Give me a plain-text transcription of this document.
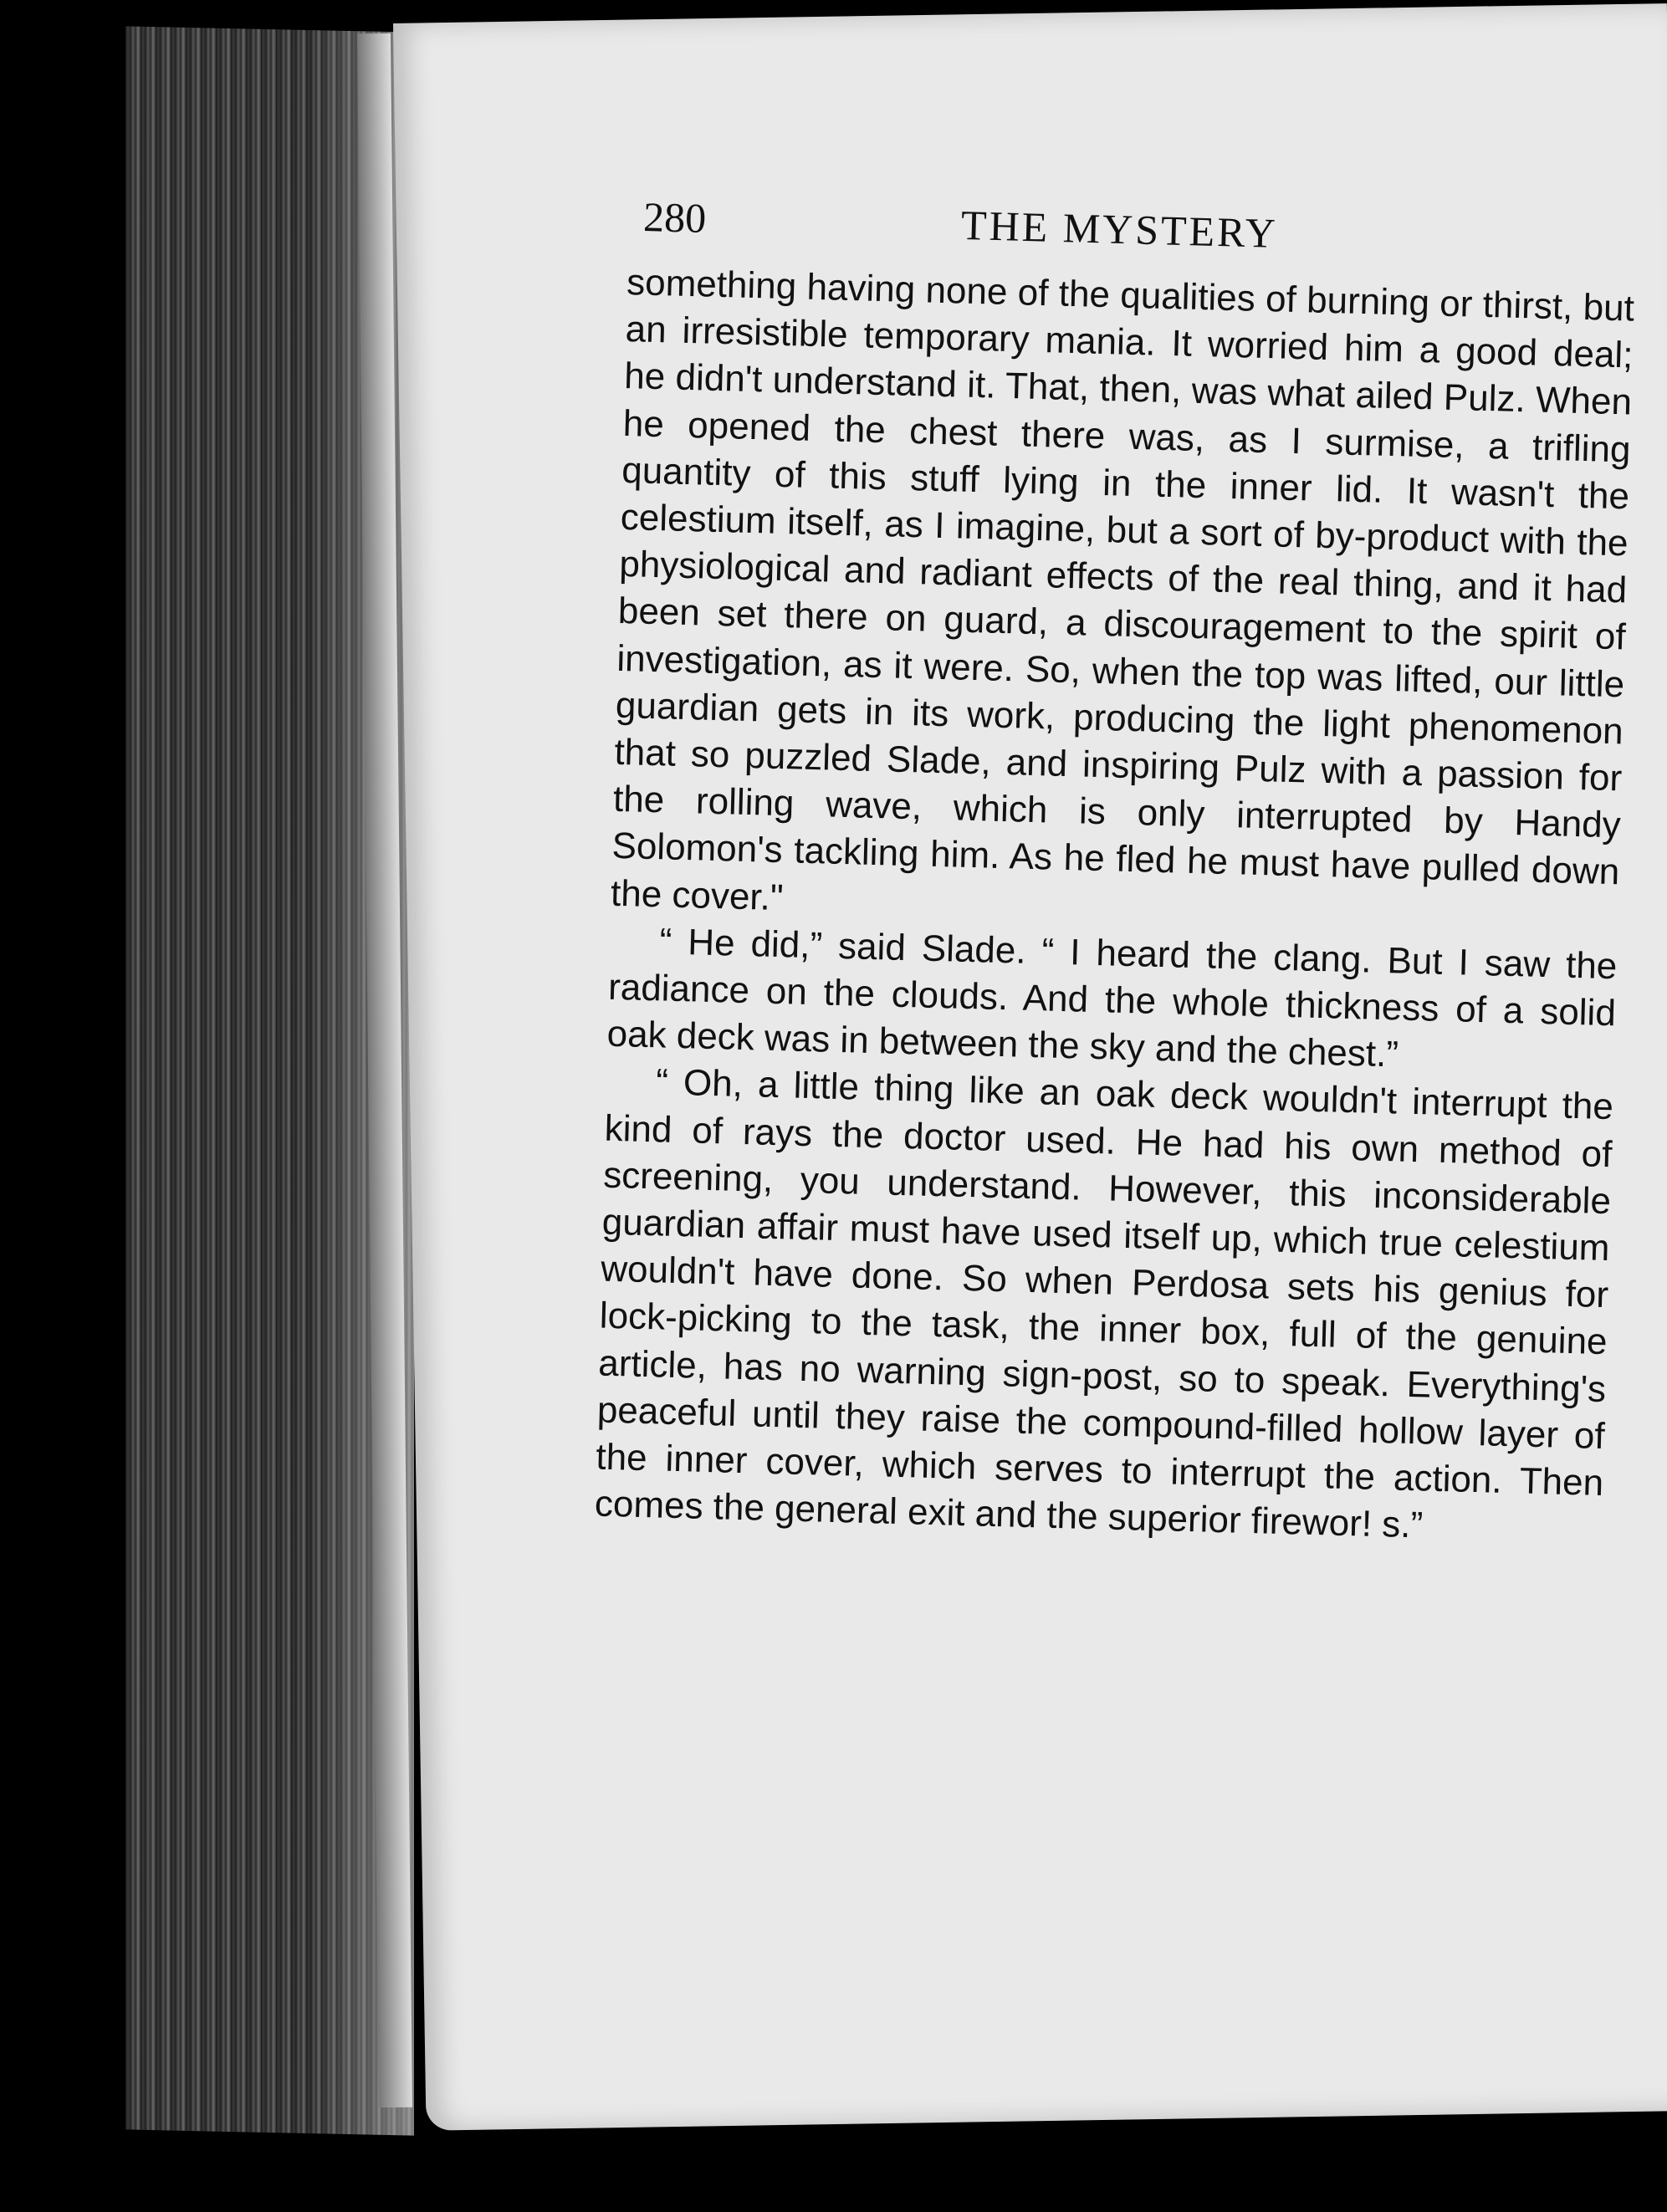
280	THE MYSTERY

something having none of the qualities of burning or thirst, but an irresistible temporary mania. It worried him a good deal; he didn't understand it. That, then, was what ailed Pulz. When he opened the chest there was, as I surmise, a trifling quantity of this stuff lying in the inner lid. It wasn't the celestium itself, as I imagine, but a sort of by-product with the physiological and radiant effects of the real thing, and it had been set there on guard, a discouragement to the spirit of investigation, as it were. So, when the top was lifted, our little guardian gets in its work, producing the light phenomenon that so puzzled Slade, and inspiring Pulz with a passion for the rolling wave, which is only interrupted by Handy Solomon's tackling him. As he fled he must have pulled down the cover."

“ He did,” said Slade. “ I heard the clang. But I saw the radiance on the clouds. And the whole thickness of a solid oak deck was in between the sky and the chest.”

“ Oh, a little thing like an oak deck wouldn't interrupt the kind of rays the doctor used. He had his own method of screening, you understand. However, this inconsiderable guardian affair must have used itself up, which true celestium wouldn't have done. So when Perdosa sets his genius for lock-picking to the task, the inner box, full of the genuine article, has no warning sign-post, so to speak. Everything's peaceful until they raise the compound-filled hollow layer of the inner cover, which serves to interrupt the action. Then comes the general exit and the superior firewor! s.”
